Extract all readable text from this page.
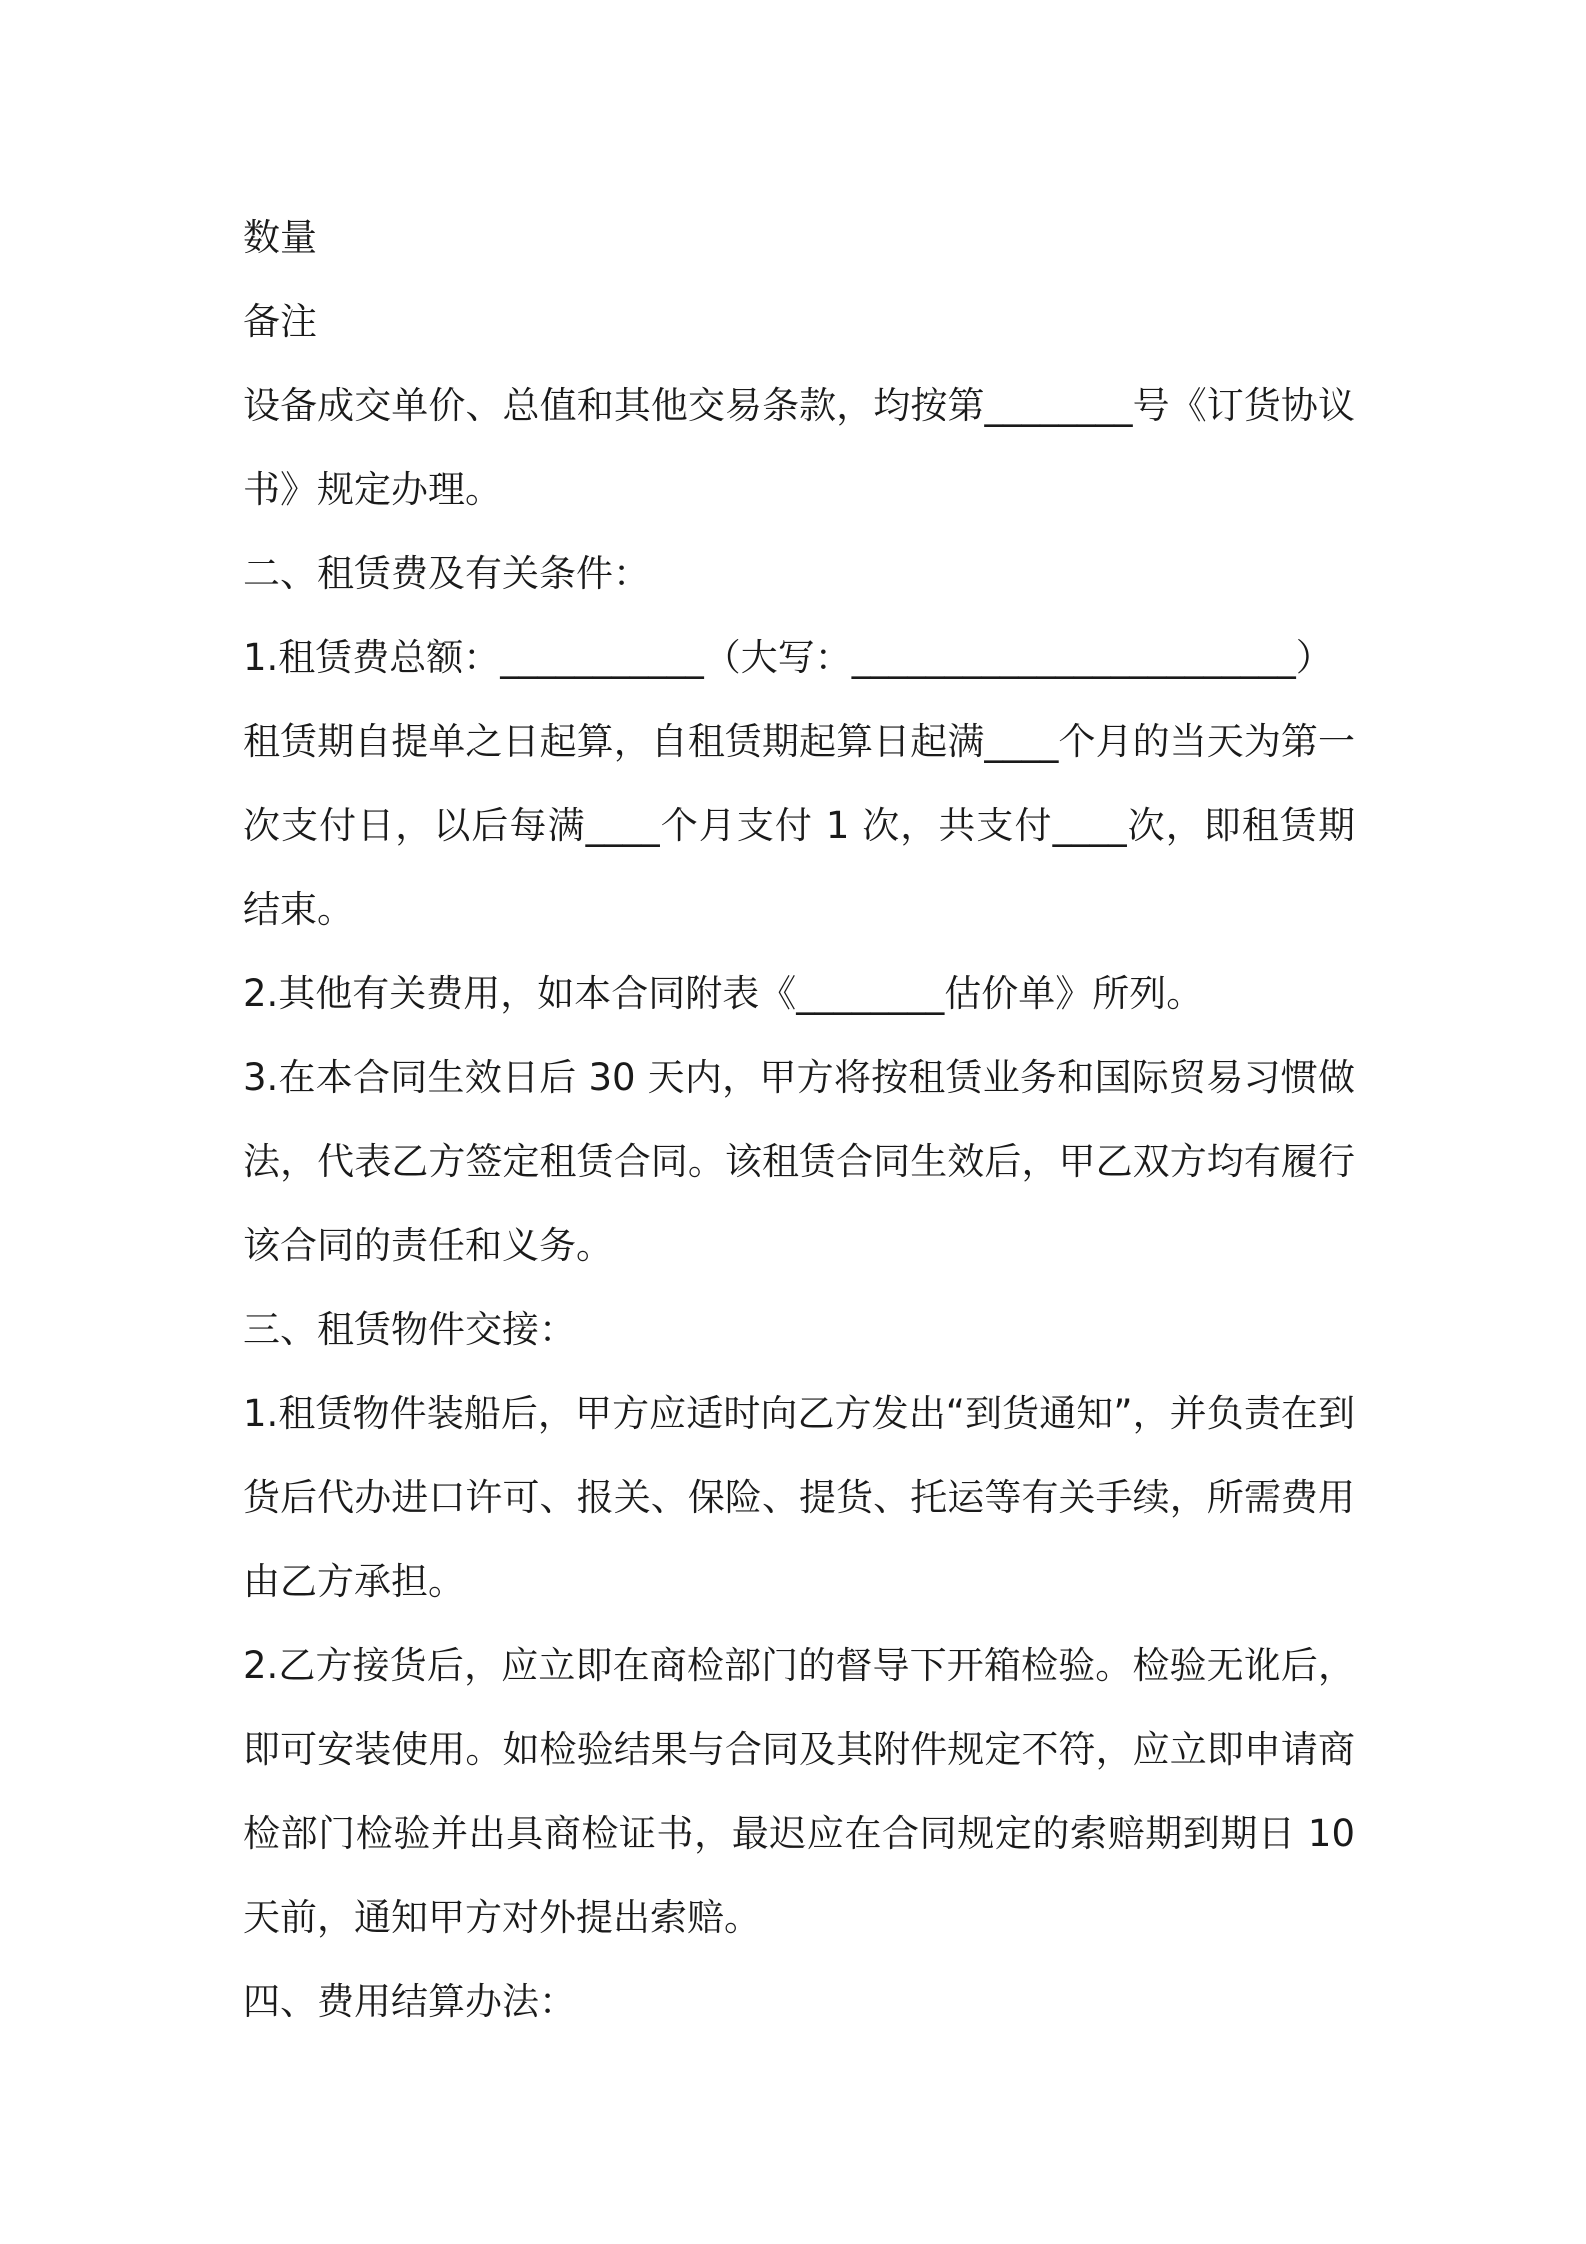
数量

备注

设备成交单价、总值和其他交易条款，均按第________号《订货协议书》规定办理。

二、租赁费及有关条件：

1.租赁费总额：___________（大写：________________________）

租赁期自提单之日起算，自租赁期起算日起满____个月的当天为第一次支付日，以后每满____个月支付 1 次，共支付____次，即租赁期结束。

2.其他有关费用，如本合同附表《________估价单》所列。

3.在本合同生效日后 30 天内，甲方将按租赁业务和国际贸易习惯做法，代表乙方签定租赁合同。该租赁合同生效后，甲乙双方均有履行该合同的责任和义务。

三、租赁物件交接：

1.租赁物件装船后，甲方应适时向乙方发出“到货通知”，并负责在到货后代办进口许可、报关、保险、提货、托运等有关手续，所需费用由乙方承担。

2.乙方接货后，应立即在商检部门的督导下开箱检验。检验无讹后，即可安装使用。如检验结果与合同及其附件规定不符，应立即申请商检部门检验并出具商检证书，最迟应在合同规定的索赔期到期日 10 天前，通知甲方对外提出索赔。

四、费用结算办法：
